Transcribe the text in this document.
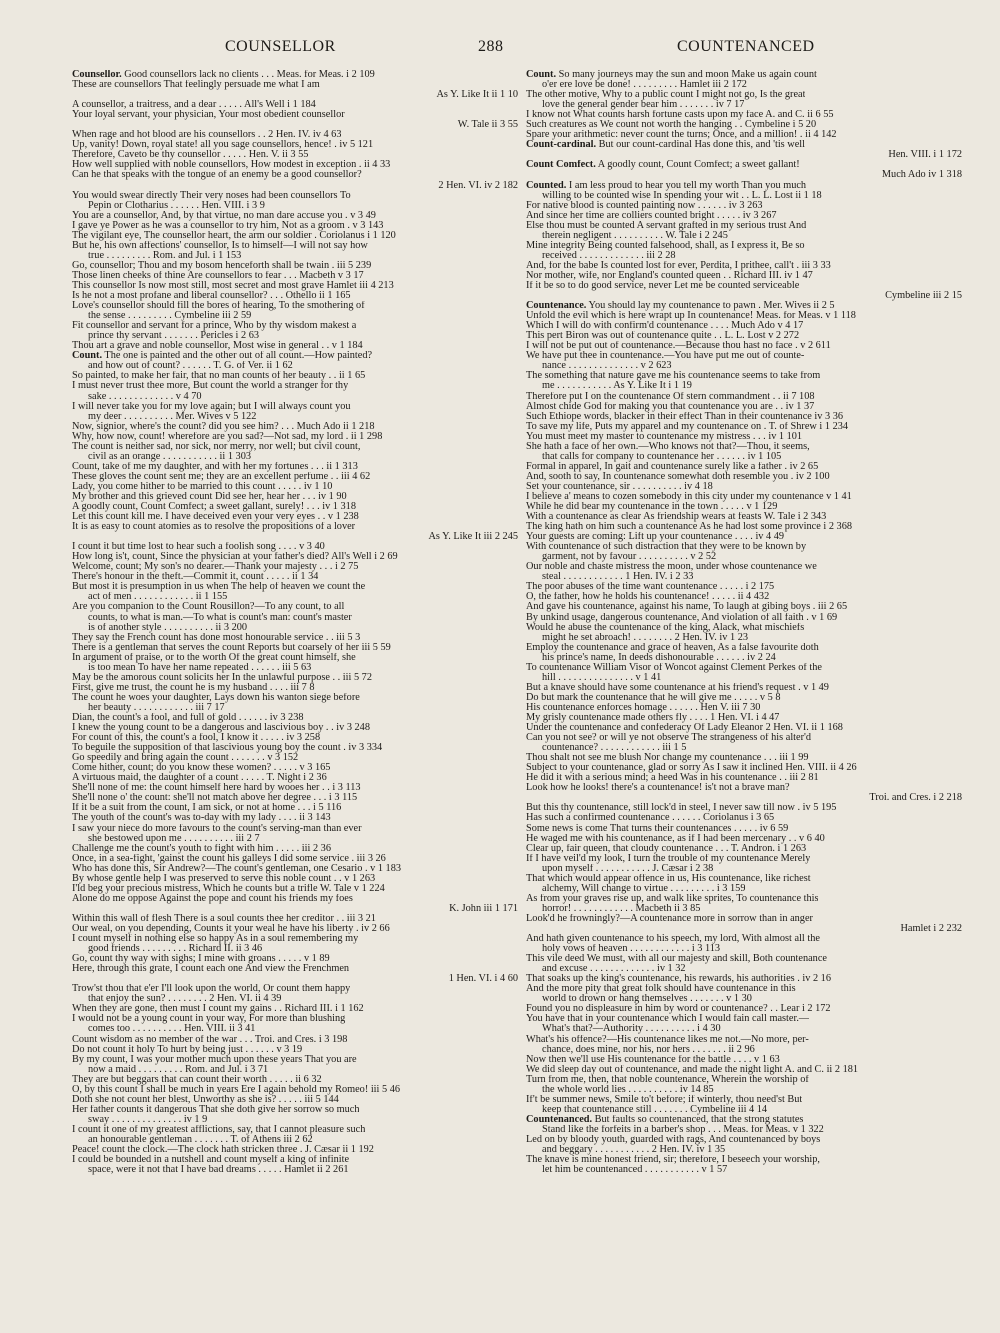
COUNSELLOR	288	COUNTENANCED
Counsellor. Good counsellors lack no clients . . . Meas. for Meas. i 2 109
These are counsellors That feelingly persuade me what I am
As Y. Like It ii 1 10
A counsellor, a traitress, and a dear . . . . . All's Well i 1 184
Your loyal servant, your physician, Your most obedient counsellor
W. Tale ii 3 55
When rage and hot blood are his counsellors . . 2 Hen. IV. iv 4 63
Up, vanity! Down, royal state! all you sage counsellors, hence! . iv 5 121
Therefore, Caveto be thy counsellor . . . . . Hen. V. ii 3 55
How well supplied with noble counsellors, How modest in exception . ii 4 33
Can he that speaks with the tongue of an enemy be a good counsellor?
2 Hen. VI. iv 2 182
You would swear directly Their very noses had been counsellors To
Pepin or Clotharius . . . . . . Hen. VIII. i 3 9
You are a counsellor, And, by that virtue, no man dare accuse you . v 3 49
I gave ye Power as he was a counsellor to try him, Not as a groom . v 3 143
The vigilant eye, The counsellor heart, the arm our soldier . Coriolanus i 1 120
But he, his own affections' counsellor, Is to himself—I will not say how
true . . . . . . . . . Rom. and Jul. i 1 153
Go, counsellor; Thou and my bosom henceforth shall be twain . iii 5 239
Those linen cheeks of thine Are counsellors to fear . . . Macbeth v 3 17
This counsellor Is now most still, most secret and most grave Hamlet iii 4 213
Is he not a most profane and liberal counsellor? . . . Othello ii 1 165
Love's counsellor should fill the bores of hearing, To the smothering of
the sense . . . . . . . . . Cymbeline iii 2 59
Fit counsellor and servant for a prince, Who by thy wisdom makest a
prince thy servant . . . . . . . Pericles i 2 63
Thou art a grave and noble counsellor, Most wise in general . . v 1 184
Count. The one is painted and the other out of all count.—How painted?
and how out of count? . . . . . . T. G. of Ver. ii 1 62
So painted, to make her fair, that no man counts of her beauty . . ii 1 65
I must never trust thee more, But count the world a stranger for thy
sake . . . . . . . . . . . . . v 4 70
I will never take you for my love again; but I will always count you
my deer . . . . . . . . . . Mer. Wives v 5 122
Now, signior, where's the count? did you see him? . . . Much Ado ii 1 218
Why, how now, count! wherefore are you sad?—Not sad, my lord . ii 1 298
The count is neither sad, nor sick, nor merry, nor well; but civil count,
civil as an orange . . . . . . . . . . . ii 1 303
Count, take of me my daughter, and with her my fortunes . . . ii 1 313
These gloves the count sent me; they are an excellent perfume . . iii 4 62
Lady, you come hither to be married to this count . . . . . iv 1 10
My brother and this grieved count Did see her, hear her . . . iv 1 90
A goodly count, Count Comfect; a sweet gallant, surely! . . . iv 1 318
Let this count kill me. I have deceived even your very eyes . . v 1 238
It is as easy to count atomies as to resolve the propositions of a lover
As Y. Like It iii 2 245
I count it but time lost to hear such a foolish song . . . . v 3 40
How long is't, count, Since the physician at your father's died? All's Well i 2 69
Welcome, count; My son's no dearer.—Thank your majesty . . . i 2 75
There's honour in the theft.—Commit it, count . . . . . ii 1 34
But most it is presumption in us when The help of heaven we count the
act of men . . . . . . . . . . . . ii 1 155
Are you companion to the Count Rousillon?—To any count, to all
counts, to what is man.—To what is count's man: count's master
is of another style . . . . . . . . . . ii 3 200
They say the French count has done most honourable service . . iii 5 3
There is a gentleman that serves the count Reports but coarsely of her iii 5 59
In argument of praise, or to the worth Of the great count himself, she
is too mean To have her name repeated . . . . . . iii 5 63
May be the amorous count solicits her In the unlawful purpose . . iii 5 72
First, give me trust, the count he is my husband . . . . iii 7 8
The count he woes your daughter, Lays down his wanton siege before
her beauty . . . . . . . . . . . . iii 7 17
Dian, the count's a fool, and full of gold . . . . . . iv 3 238
I knew the young count to be a dangerous and lascivious boy . . iv 3 248
For count of this, the count's a fool, I know it . . . . . iv 3 258
To beguile the supposition of that lascivious young boy the count . iv 3 334
Go speedily and bring again the count . . . . . . . v 3 152
Come hither, count; do you know these women? . . . . . v 3 165
A virtuous maid, the daughter of a count . . . . . T. Night i 2 36
She'll none of me: the count himself here hard by wooes her . . i 3 113
She'll none o' the count: she'll not match above her degree . . . i 3 115
If it be a suit from the count, I am sick, or not at home . . . i 5 116
The youth of the count's was to-day with my lady . . . . ii 3 143
I saw your niece do more favours to the count's serving-man than ever
she bestowed upon me . . . . . . . . . . iii 2 7
Challenge me the count's youth to fight with him . . . . . iii 2 36
Once, in a sea-fight, 'gainst the count his galleys I did some service . iii 3 26
Who has done this, Sir Andrew?—The count's gentleman, one Cesario . v 1 183
By whose gentle help I was preserved to serve this noble count . . v 1 263
I'ld beg your precious mistress, Which he counts but a trifle W. Tale v 1 224
Alone do me oppose Against the pope and count his friends my foes
K. John iii 1 171
Within this wall of flesh There is a soul counts thee her creditor . . iii 3 21
Our weal, on you depending, Counts it your weal he have his liberty . iv 2 66
I count myself in nothing else so happy As in a soul remembering my
good friends . . . . . . . . . Richard II. ii 3 46
Go, count thy way with sighs; I mine with groans . . . . . v 1 89
Here, through this grate, I count each one And view the Frenchmen
1 Hen. VI. i 4 60
Trow'st thou that e'er I'll look upon the world, Or count them happy
that enjoy the sun? . . . . . . . . 2 Hen. VI. ii 4 39
When they are gone, then must I count my gains . . Richard III. i 1 162
I would not be a young count in your way, For more than blushing
comes too . . . . . . . . . . Hen. VIII. ii 3 41
Count wisdom as no member of the war . . . Troi. and Cres. i 3 198
Do not count it holy To hurt by being just . . . . . . v 3 19
By my count, I was your mother much upon these years That you are
now a maid . . . . . . . . . Rom. and Jul. i 3 71
They are but beggars that can count their worth . . . . . ii 6 32
O, by this count I shall be much in years Ere I again behold my Romeo! iii 5 46
Doth she not count her blest, Unworthy as she is? . . . . . iii 5 144
Her father counts it dangerous That she doth give her sorrow so much
sway . . . . . . . . . . . . . . iv 1 9
I count it one of my greatest afflictions, say, that I cannot pleasure such
an honourable gentleman . . . . . . . T. of Athens iii 2 62
Peace! count the clock.—The clock hath stricken three . J. Cæsar ii 1 192
I could be bounded in a nutshell and count myself a king of infinite
space, were it not that I have bad dreams . . . . . Hamlet ii 2 261
Count. So many journeys may the sun and moon Make us again count
o'er ere love be done! . . . . . . . . . Hamlet iii 2 172
The other motive, Why to a public count I might not go, Is the great
love the general gender bear him . . . . . . . iv 7 17
I know not What counts harsh fortune casts upon my face A. and C. ii 6 55
Such creatures as We count not worth the hanging . . Cymbeline i 5 20
Spare your arithmetic: never count the turns; Once, and a million! . ii 4 142
Count-cardinal. But our count-cardinal Has done this, and 'tis well
Hen. VIII. i 1 172
Count Comfect. A goodly count, Count Comfect; a sweet gallant!
Much Ado iv 1 318
Counted. I am less proud to hear you tell my worth Than you much
willing to be counted wise In spending your wit . . L. L. Lost ii 1 18
For native blood is counted painting now . . . . . . iv 3 263
And since her time are colliers counted bright . . . . . iv 3 267
Else thou must be counted A servant grafted in my serious trust And
therein negligent . . . . . . . . . . W. Tale i 2 245
Mine integrity Being counted falsehood, shall, as I express it, Be so
received . . . . . . . . . . . . . iii 2 28
And, for the babe Is counted lost for ever, Perdita, I prithee, call't . iii 3 33
Nor mother, wife, nor England's counted queen . . Richard III. iv 1 47
If it be so to do good service, never Let me be counted serviceable
Cymbeline iii 2 15
Countenance. You should lay my countenance to pawn . Mer. Wives ii 2 5
Unfold the evil which is here wrapt up In countenance! Meas. for Meas. v 1 118
Which I will do with confirm'd countenance . . . . Much Ado v 4 17
This pert Biron was out of countenance quite . . L. L. Lost v 2 272
I will not be put out of countenance.—Because thou hast no face . v 2 611
We have put thee in countenance.—You have put me out of counte-
nance . . . . . . . . . . . . . . v 2 623
The something that nature gave me his countenance seems to take from
me . . . . . . . . . . . As Y. Like It i 1 19
Therefore put I on the countenance Of stern commandment . . ii 7 108
Almost chide God for making you that countenance you are . . iv 1 37
Such Ethiope words, blacker in their effect Than in their countenance iv 3 36
To save my life, Puts my apparel and my countenance on . T. of Shrew i 1 234
You must meet my master to countenance my mistress . . . iv 1 101
She hath a face of her own.—Who knows not that?—Thou, it seems,
that calls for company to countenance her . . . . . . iv 1 105
Formal in apparel, In gait and countenance surely like a father . iv 2 65
And, sooth to say, In countenance somewhat doth resemble you . iv 2 100
Set your countenance, sir . . . . . . . . . . iv 4 18
I believe a' means to cozen somebody in this city under my countenance v 1 41
While he did bear my countenance in the town . . . . . v 1 129
With a countenance as clear As friendship wears at feasts W. Tale i 2 343
The king hath on him such a countenance As he had lost some province i 2 368
Your guests are coming: Lift up your countenance . . . . iv 4 49
With countenance of such distraction that they were to be known by
garment, not by favour . . . . . . . . . . v 2 52
Our noble and chaste mistress the moon, under whose countenance we
steal . . . . . . . . . . . . 1 Hen. IV. i 2 33
The poor abuses of the time want countenance . . . . . i 2 175
O, the father, how he holds his countenance! . . . . . ii 4 432
And gave his countenance, against his name, To laugh at gibing boys . iii 2 65
By unkind usage, dangerous countenance, And violation of all faith . v 1 69
Would he abuse the countenance of the king, Alack, what mischiefs
might he set abroach! . . . . . . . . 2 Hen. IV. iv 1 23
Employ the countenance and grace of heaven, As a false favourite doth
his prince's name, In deeds dishonourable . . . . . . iv 2 24
To countenance William Visor of Woncot against Clement Perkes of the
hill . . . . . . . . . . . . . . . v 1 41
But a knave should have some countenance at his friend's request . v 1 49
Do but mark the countenance that he will give me . . . . . v 5 8
His countenance enforces homage . . . . . . Hen V. iii 7 30
My grisly countenance made others fly . . . . 1 Hen. VI. i 4 47
Under the countenance and confederacy Of Lady Eleanor 2 Hen. VI. ii 1 168
Can you not see? or will ye not observe The strangeness of his alter'd
countenance? . . . . . . . . . . . . iii 1 5
Thou shalt not see me blush Nor change my countenance . . . iii 1 99
Subject to your countenance, glad or sorry As I saw it inclined Hen. VIII. ii 4 26
He did it with a serious mind; a heed Was in his countenance . . iii 2 81
Look how he looks! there's a countenance! is't not a brave man?
Troi. and Cres. i 2 218
But this thy countenance, still lock'd in steel, I never saw till now . iv 5 195
Has such a confirmed countenance . . . . . . Coriolanus i 3 65
Some news is come That turns their countenances . . . . . iv 6 59
He waged me with his countenance, as if I had been mercenary . . v 6 40
Clear up, fair queen, that cloudy countenance . . . T. Andron. i 1 263
If I have veil'd my look, I turn the trouble of my countenance Merely
upon myself . . . . . . . . . . . J. Cæsar i 2 38
That which would appear offence in us, His countenance, like richest
alchemy, Will change to virtue . . . . . . . . . i 3 159
As from your graves rise up, and walk like sprites, To countenance this
horror! . . . . . . . . . . . . Macbeth ii 3 85
Look'd he frowningly?—A countenance more in sorrow than in anger
Hamlet i 2 232
And hath given countenance to his speech, my lord, With almost all the
holy vows of heaven . . . . . . . . . . . . i 3 113
This vile deed We must, with all our majesty and skill, Both countenance
and excuse . . . . . . . . . . . . . iv 1 32
That soaks up the king's countenance, his rewards, his authorities . iv 2 16
And the more pity that great folk should have countenance in this
world to drown or hang themselves . . . . . . . v 1 30
Found you no displeasure in him by word or countenance? . . Lear i 2 172
You have that in your countenance which I would fain call master.—
What's that?—Authority . . . . . . . . . . i 4 30
What's his offence?—His countenance likes me not.—No more, per-
chance, does mine, nor his, nor hers . . . . . . . ii 2 96
Now then we'll use His countenance for the battle . . . . v 1 63
We did sleep day out of countenance, and made the night light A. and C. ii 2 181
Turn from me, then, that noble countenance, Wherein the worship of
the whole world lies . . . . . . . . . . iv 14 85
If't be summer news, Smile to't before; if winterly, thou need'st But
keep that countenance still . . . . . . . Cymbeline iii 4 14
Countenanced. But faults so countenanced, that the strong statutes
Stand like the forfeits in a barber's shop . . . Meas. for Meas. v 1 322
Led on by bloody youth, guarded with rags, And countenanced by boys
and beggary . . . . . . . . . . . 2 Hen. IV. iv 1 35
The knave is mine honest friend, sir; therefore, I beseech your worship,
let him be countenanced . . . . . . . . . . . v 1 57
